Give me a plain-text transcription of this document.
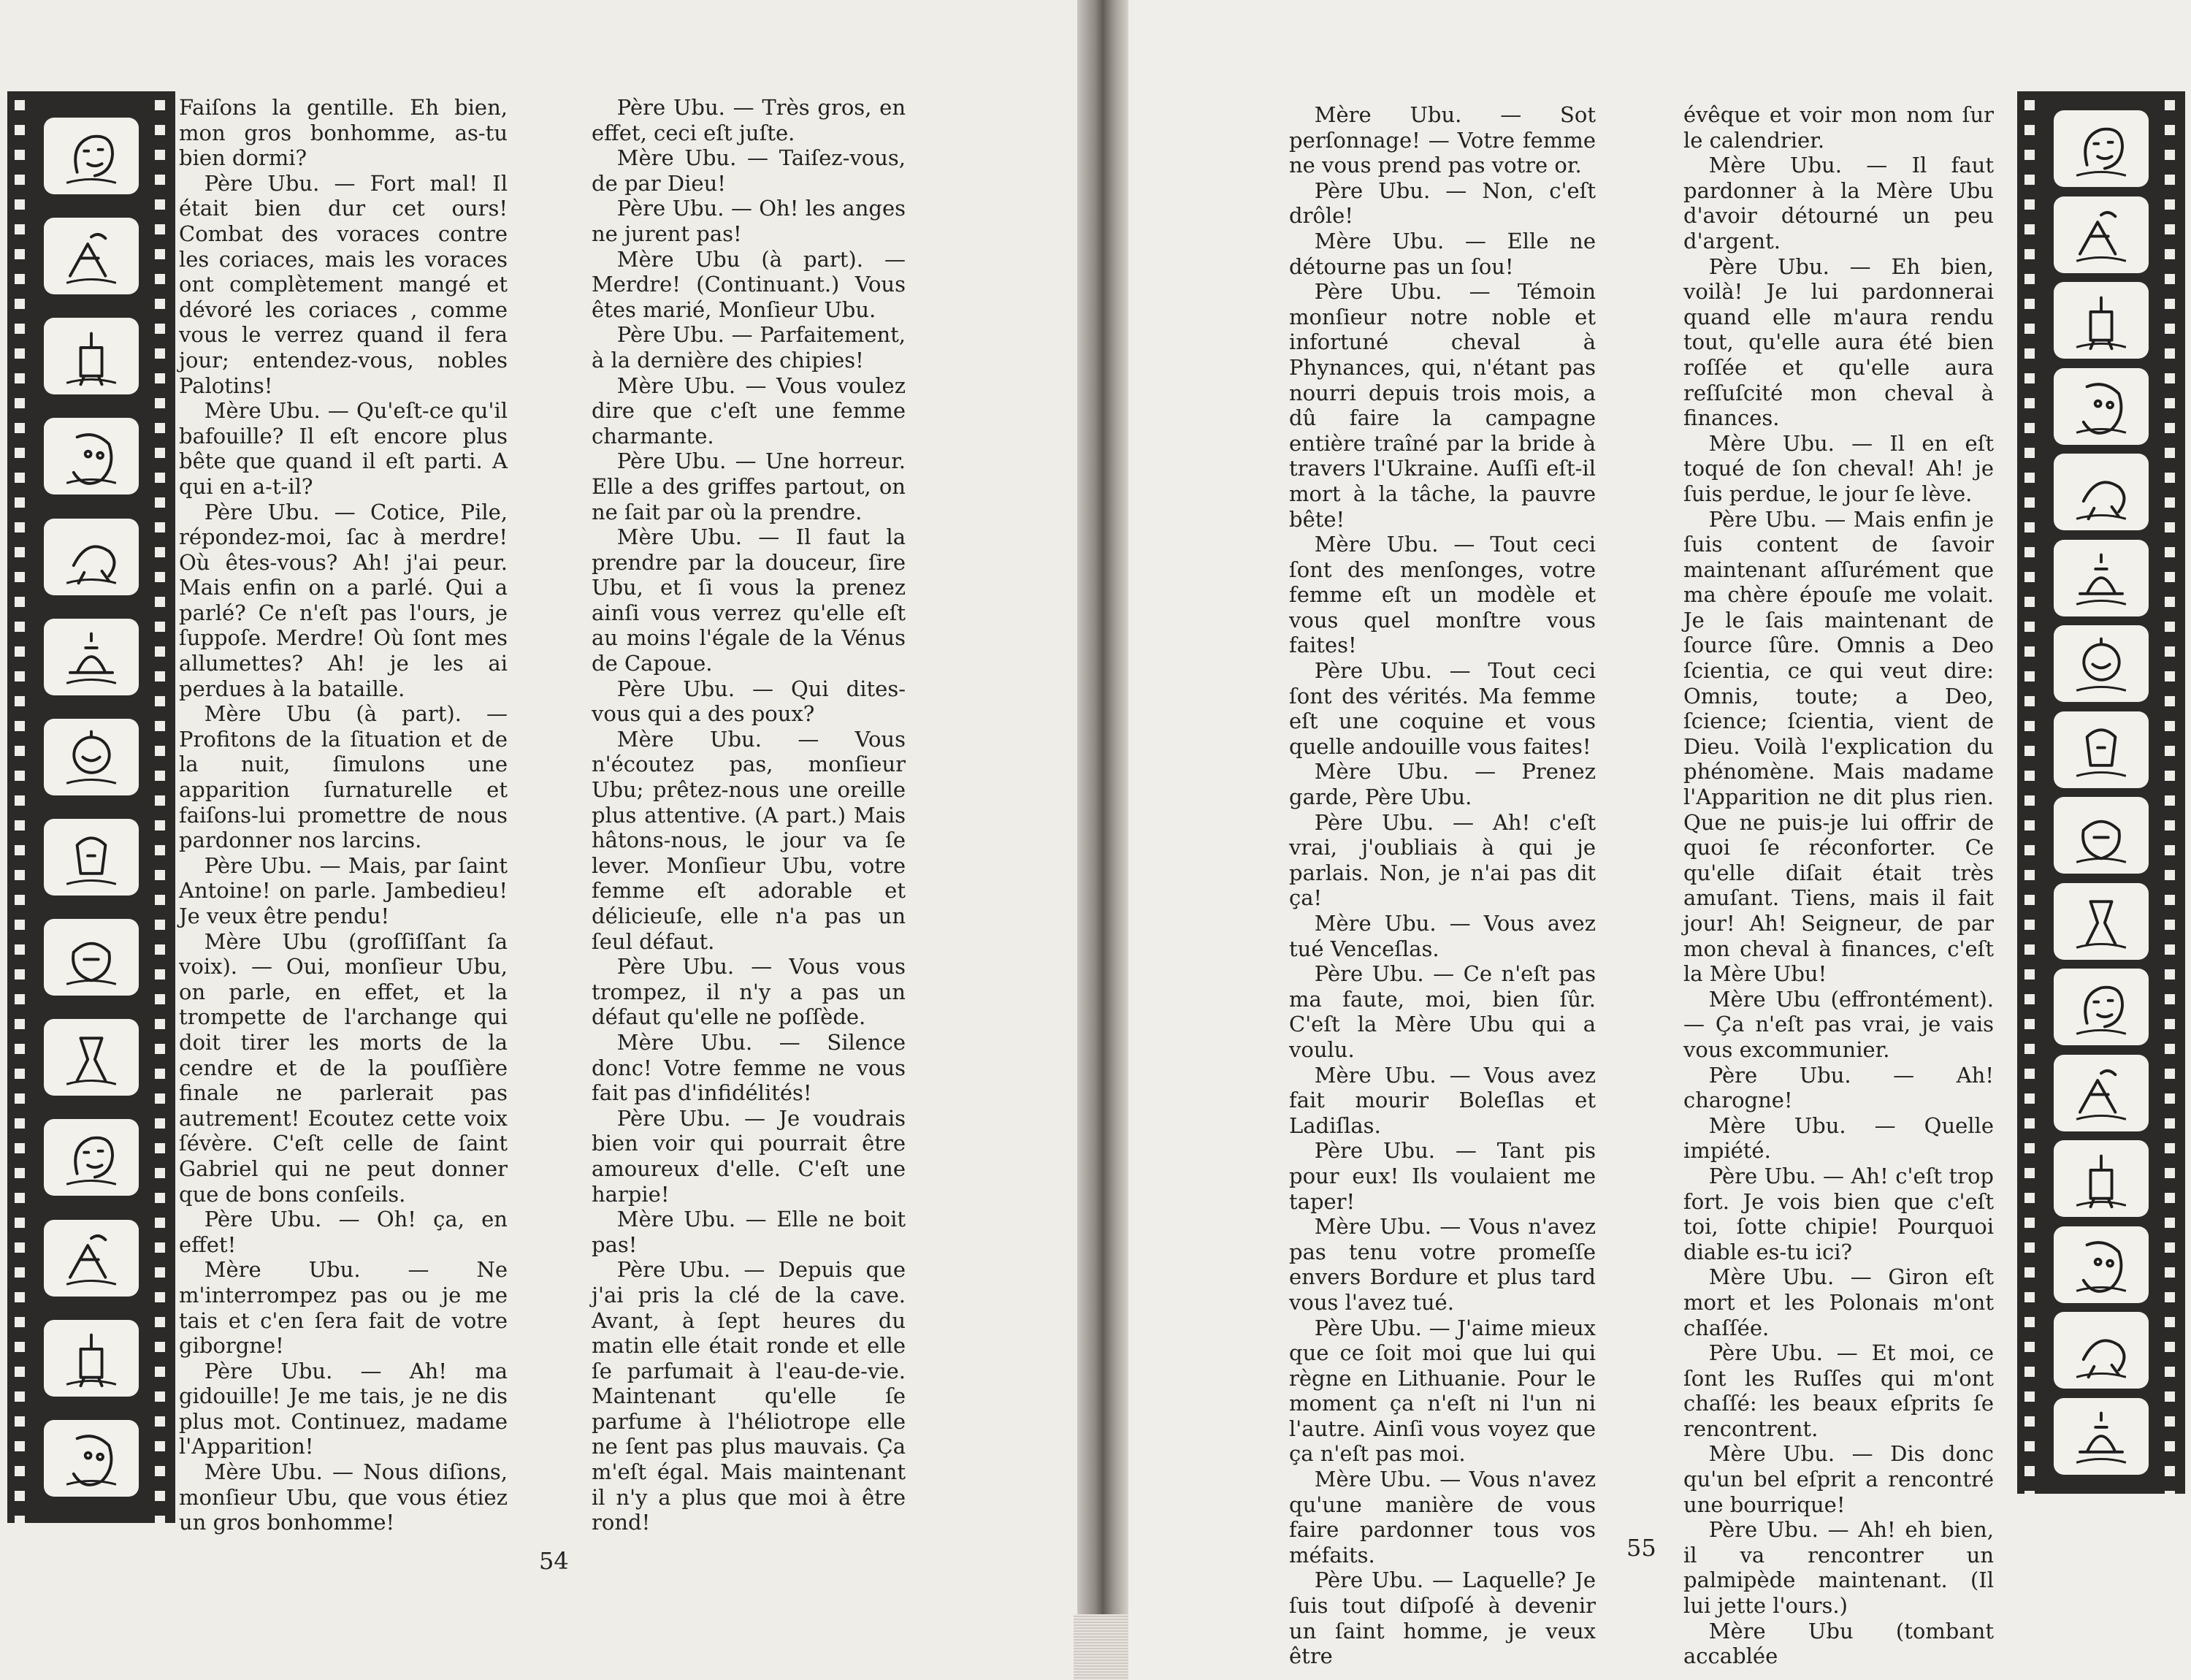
Faiſons la gentille. Eh bien, mon gros bonhomme, as-tu bien dormi?

Père Ubu. — Fort mal! Il était bien dur cet ours! Combat des voraces contre les coriaces, mais les voraces ont complètement mangé et dévoré les coriaces , comme vous le verrez quand il fera jour; entendez-vous, nobles Palotins!

Mère Ubu. — Qu'eſt-ce qu'il bafouille? Il eſt encore plus bête que quand il eſt parti. A qui en a-t-il?

Père Ubu. — Cotice, Pile, répondez-moi, ſac à merdre! Où êtes-vous? Ah! j'ai peur. Mais enfin on a parlé. Qui a parlé? Ce n'eſt pas l'ours, je ſuppoſe. Merdre! Où ſont mes allumettes? Ah! je les ai perdues à la bataille.

Mère Ubu (à part). — Profitons de la ſituation et de la nuit, ſimulons une apparition ſurnaturelle et faiſons-lui promettre de nous pardonner nos larcins.

Père Ubu. — Mais, par ſaint Antoine! on parle. Jambedieu! Je veux être pendu!

Mère Ubu (groſſiſſant ſa voix). — Oui, monſieur Ubu, on parle, en effet, et la trompette de l'archange qui doit tirer les morts de la cendre et de la pouſſière finale ne parlerait pas autrement! Ecoutez cette voix ſévère. C'eſt celle de ſaint Gabriel qui ne peut donner que de bons conſeils.

Père Ubu. — Oh! ça, en effet!

Mère Ubu. — Ne m'interrompez pas ou je me tais et c'en ſera fait de votre giborgne!

Père Ubu. — Ah! ma gidouille! Je me tais, je ne dis plus mot. Continuez, madame l'Apparition!

Mère Ubu. — Nous diſions, monſieur Ubu, que vous étiez un gros bonhomme!

Père Ubu. — Très gros, en effet, ceci eſt juſte.

Mère Ubu. — Taiſez-vous, de par Dieu!

Père Ubu. — Oh! les anges ne jurent pas!

Mère Ubu (à part). — Merdre! (Continuant.) Vous êtes marié, Monſieur Ubu.

Père Ubu. — Parfaitement, à la dernière des chipies!

Mère Ubu. — Vous voulez dire que c'eſt une femme charmante.

Père Ubu. — Une horreur. Elle a des griffes partout, on ne ſait par où la prendre.

Mère Ubu. — Il faut la prendre par la douceur, ſire Ubu, et ſi vous la prenez ainſi vous verrez qu'elle eſt au moins l'égale de la Vénus de Capoue.

Père Ubu. — Qui dites-vous qui a des poux?

Mère Ubu. — Vous n'écoutez pas, monſieur Ubu; prêtez-nous une oreille plus attentive. (A part.) Mais hâtons-nous, le jour va ſe lever. Monſieur Ubu, votre femme eſt adorable et délicieuſe, elle n'a pas un ſeul défaut.

Père Ubu. — Vous vous trompez, il n'y a pas un défaut qu'elle ne poſſède.

Mère Ubu. — Silence donc! Votre femme ne vous fait pas d'infidélités!

Père Ubu. — Je voudrais bien voir qui pourrait être amoureux d'elle. C'eſt une harpie!

Mère Ubu. — Elle ne boit pas!

Père Ubu. — Depuis que j'ai pris la clé de la cave. Avant, à ſept heures du matin elle était ronde et elle ſe parfumait à l'eau-de-vie. Maintenant qu'elle ſe parfume à l'héliotrope elle ne ſent pas plus mauvais. Ça m'eſt égal. Mais maintenant il n'y a plus que moi à être rond!

54

Mère Ubu. — Sot perſonnage! — Votre femme ne vous prend pas votre or.

Père Ubu. — Non, c'eſt drôle!

Mère Ubu. — Elle ne détourne pas un ſou!

Père Ubu. — Témoin monſieur notre noble et infortuné cheval à Phynances, qui, n'étant pas nourri depuis trois mois, a dû faire la campagne entière traîné par la bride à travers l'Ukraine. Auſſi eſt-il mort à la tâche, la pauvre bête!

Mère Ubu. — Tout ceci ſont des menſonges, votre femme eſt un modèle et vous quel monſtre vous faites!

Père Ubu. — Tout ceci ſont des vérités. Ma femme eſt une coquine et vous quelle andouille vous faites!

Mère Ubu. — Prenez garde, Père Ubu.

Père Ubu. — Ah! c'eſt vrai, j'oubliais à qui je parlais. Non, je n'ai pas dit ça!

Mère Ubu. — Vous avez tué Venceſlas.

Père Ubu. — Ce n'eſt pas ma faute, moi, bien ſûr. C'eſt la Mère Ubu qui a voulu.

Mère Ubu. — Vous avez fait mourir Boleſlas et Ladiſlas.

Père Ubu. — Tant pis pour eux! Ils voulaient me taper!

Mère Ubu. — Vous n'avez pas tenu votre promeſſe envers Bordure et plus tard vous l'avez tué.

Père Ubu. — J'aime mieux que ce ſoit moi que lui qui règne en Lithuanie. Pour le moment ça n'eſt ni l'un ni l'autre. Ainſi vous voyez que ça n'eſt pas moi.

Mère Ubu. — Vous n'avez qu'une manière de vous faire pardonner tous vos méfaits.

Père Ubu. — Laquelle? Je ſuis tout diſpoſé à devenir un ſaint homme, je veux être

évêque et voir mon nom ſur le calendrier.

Mère Ubu. — Il faut pardonner à la Mère Ubu d'avoir détourné un peu d'argent.

Père Ubu. — Eh bien, voilà! Je lui pardonnerai quand elle m'aura rendu tout, qu'elle aura été bien roſſée et qu'elle aura reſſuſcité mon cheval à finances.

Mère Ubu. — Il en eſt toqué de ſon cheval! Ah! je ſuis perdue, le jour ſe lève.

Père Ubu. — Mais enfin je ſuis content de ſavoir maintenant aſſurément que ma chère épouſe me volait. Je le ſais maintenant de ſource ſûre. Omnis a Deo ſcientia, ce qui veut dire: Omnis, toute; a Deo, ſcience; ſcientia, vient de Dieu. Voilà l'explication du phénomène. Mais madame l'Apparition ne dit plus rien. Que ne puis-je lui offrir de quoi ſe réconforter. Ce qu'elle diſait était très amuſant. Tiens, mais il fait jour! Ah! Seigneur, de par mon cheval à finances, c'eſt la Mère Ubu!

Mère Ubu (effrontément). — Ça n'eſt pas vrai, je vais vous excommunier.

Père Ubu. — Ah! charogne!

Mère Ubu. — Quelle impiété.

Père Ubu. — Ah! c'eſt trop fort. Je vois bien que c'eſt toi, ſotte chipie! Pourquoi diable es-tu ici?

Mère Ubu. — Giron eſt mort et les Polonais m'ont chaſſée.

Père Ubu. — Et moi, ce ſont les Ruſſes qui m'ont chaſſé: les beaux eſprits ſe rencontrent.

Mère Ubu. — Dis donc qu'un bel eſprit a rencontré une bourrique!

Père Ubu. — Ah! eh bien, il va rencontrer un palmipède maintenant. (Il lui jette l'ours.)

Mère Ubu (tombant accablée

55
